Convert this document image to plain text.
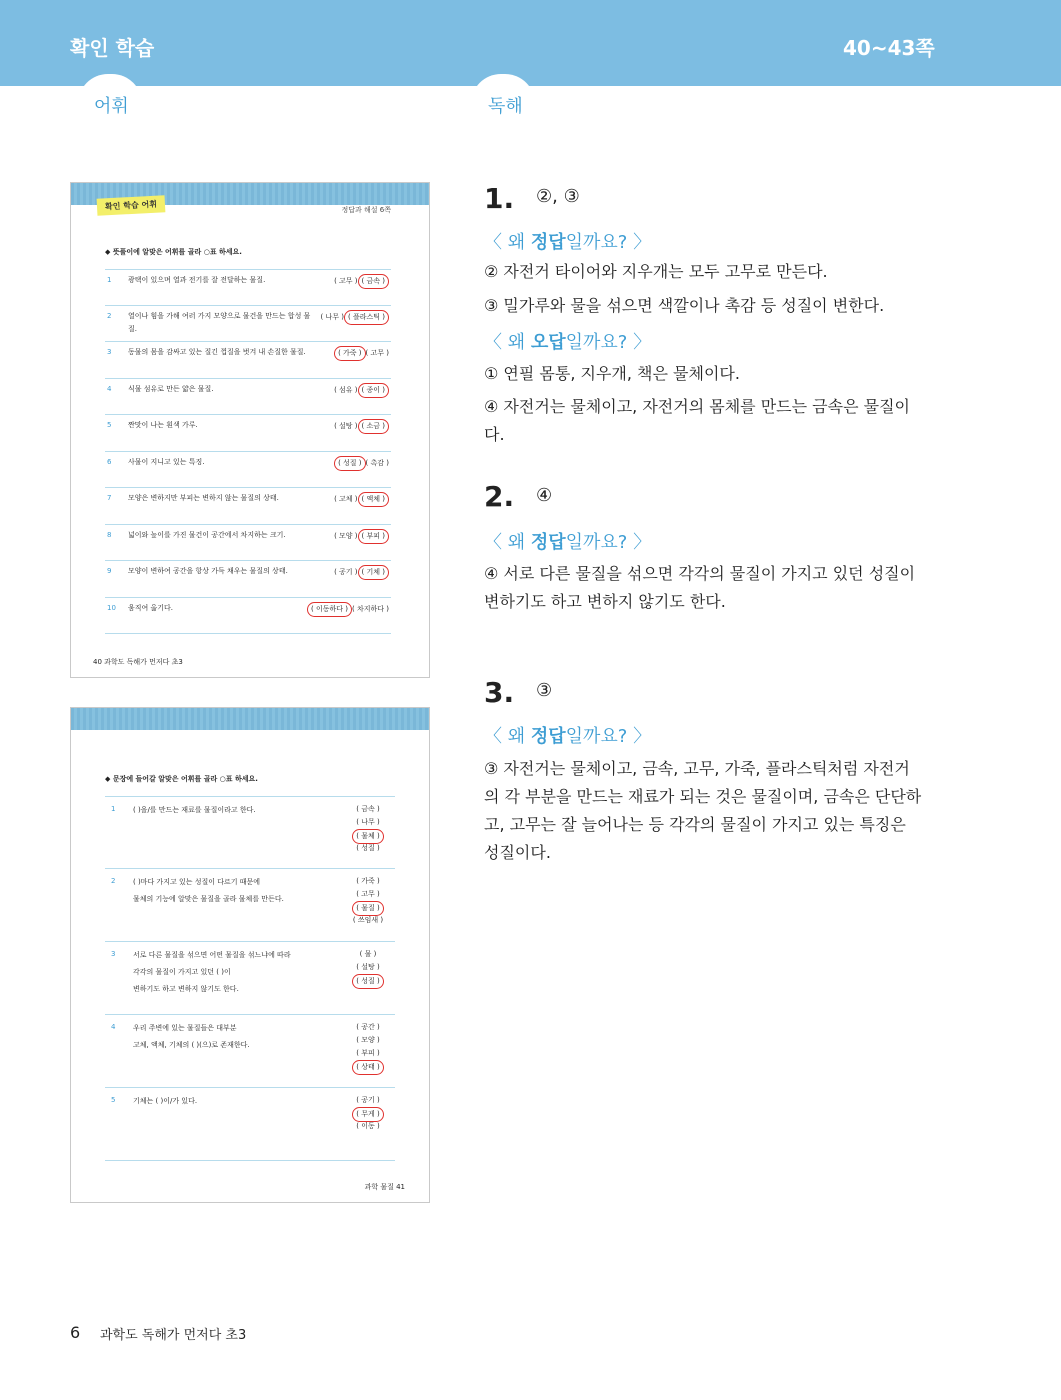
확인 학습	40~43쪽
어휘	독해
확인 학습 어휘	정답과 해설 6쪽
◆ 뜻풀이에 알맞은 어휘를 골라 ○표 하세요.
1 광택이 있으며 열과 전기를 잘 전달하는 물질.	( 고무 ) ( 금속 )
2 열이나 힘을 가해 여러 가지 모양으로 물건을 만드는 합성 물질.
( 나무 ) ( 플라스틱 )
3 동물의 몸을 감싸고 있는 질긴 껍질을 벗겨 내 손질한 물질.	( 가죽 ) ( 고무 )
4 식물 섬유로 만든 얇은 물질.	( 섬유 ) ( 종이 )
5 짠맛이 나는 흰색 가루.	( 설탕 ) ( 소금 )
6 사물이 지니고 있는 특징.	( 성질 ) ( 촉감 )
7 모양은 변하지만 부피는 변하지 않는 물질의 상태.	( 고체 ) ( 액체 )
8 넓이와 높이를 가진 물건이 공간에서 차지하는 크기.	( 모양 ) ( 부피 )
9 모양이 변하여 공간을 항상 가득 채우는 물질의 상태.	( 공기 ) ( 기체 )
10 움직여 옮기다.	( 이동하다 ) ( 차지하다 )
40 과학도 독해가 먼저다 초3
◆ 문장에 들어갈 알맞은 어휘를 골라 ○표 하세요.
1	( )을/를 만드는 재료를 물질이라고 한다.	( 금속 )
( 나무 )
( 물체 )
( 성질 )
2	( )마다 가지고 있는 성질이 다르기 때문에
물체의 기능에 알맞은 물질을 골라 물체를 만든다.
( 가죽 )
( 고무 )
( 물질 )
( 쓰임새 )
3	서로 다른 물질을 섞으면 어떤 물질을 섞느냐에 따라
각각의 물질이 가지고 있던 ( )이
변하기도 하고 변하지 않기도 한다.
( 물 )
( 설탕 )
( 성질 )
4	우리 주변에 있는 물질들은 대부분
고체, 액체, 기체의 ( )(으)로 존재한다.
( 공간 )
( 모양 )
( 부피 )
( 상태 )
5	기체는 ( )이/가 있다.	( 공기 )
( 무게 )
( 이동 )
과학 물질 41
1. ②, ③
〈 왜 정답일까요? 〉
② 자전거 타이어와 지우개는 모두 고무로 만든다.
③ 밀가루와 물을 섞으면 색깔이나 촉감 등 성질이 변한다.
〈 왜 오답일까요? 〉
① 연필 몸통, 지우개, 책은 물체이다.
④ 자전거는 물체이고, 자전거의 몸체를 만드는 금속은 물질이다.
2. ④
〈 왜 정답일까요? 〉
④ 서로 다른 물질을 섞으면 각각의 물질이 가지고 있던 성질이 변하기도 하고 변하지 않기도 한다.
3. ③
〈 왜 정답일까요? 〉
③ 자전거는 물체이고, 금속, 고무, 가죽, 플라스틱처럼 자전거의 각 부분을 만드는 재료가 되는 것은 물질이며, 금속은 단단하고, 고무는 잘 늘어나는 등 각각의 물질이 가지고 있는 특징은 성질이다.
6 과학도 독해가 먼저다 초3
